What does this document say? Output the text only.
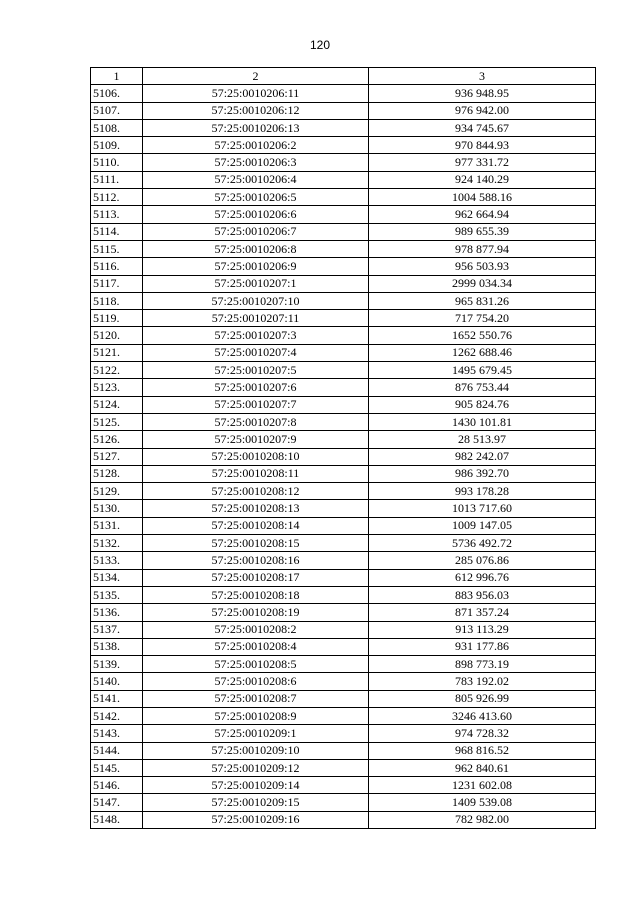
120
1	2	3
5106.	57:25:0010206:11	936 948.95
5107.	57:25:0010206:12	976 942.00
5108.	57:25:0010206:13	934 745.67
5109.	57:25:0010206:2	970 844.93
5110.	57:25:0010206:3	977 331.72
5111.	57:25:0010206:4	924 140.29
5112.	57:25:0010206:5	1004 588.16
5113.	57:25:0010206:6	962 664.94
5114.	57:25:0010206:7	989 655.39
5115.	57:25:0010206:8	978 877.94
5116.	57:25:0010206:9	956 503.93
5117.	57:25:0010207:1	2999 034.34
5118.	57:25:0010207:10	965 831.26
5119.	57:25:0010207:11	717 754.20
5120.	57:25:0010207:3	1652 550.76
5121.	57:25:0010207:4	1262 688.46
5122.	57:25:0010207:5	1495 679.45
5123.	57:25:0010207:6	876 753.44
5124.	57:25:0010207:7	905 824.76
5125.	57:25:0010207:8	1430 101.81
5126.	57:25:0010207:9	28 513.97
5127.	57:25:0010208:10	982 242.07
5128.	57:25:0010208:11	986 392.70
5129.	57:25:0010208:12	993 178.28
5130.	57:25:0010208:13	1013 717.60
5131.	57:25:0010208:14	1009 147.05
5132.	57:25:0010208:15	5736 492.72
5133.	57:25:0010208:16	285 076.86
5134.	57:25:0010208:17	612 996.76
5135.	57:25:0010208:18	883 956.03
5136.	57:25:0010208:19	871 357.24
5137.	57:25:0010208:2	913 113.29
5138.	57:25:0010208:4	931 177.86
5139.	57:25:0010208:5	898 773.19
5140.	57:25:0010208:6	783 192.02
5141.	57:25:0010208:7	805 926.99
5142.	57:25:0010208:9	3246 413.60
5143.	57:25:0010209:1	974 728.32
5144.	57:25:0010209:10	968 816.52
5145.	57:25:0010209:12	962 840.61
5146.	57:25:0010209:14	1231 602.08
5147.	57:25:0010209:15	1409 539.08
5148.	57:25:0010209:16	782 982.00
